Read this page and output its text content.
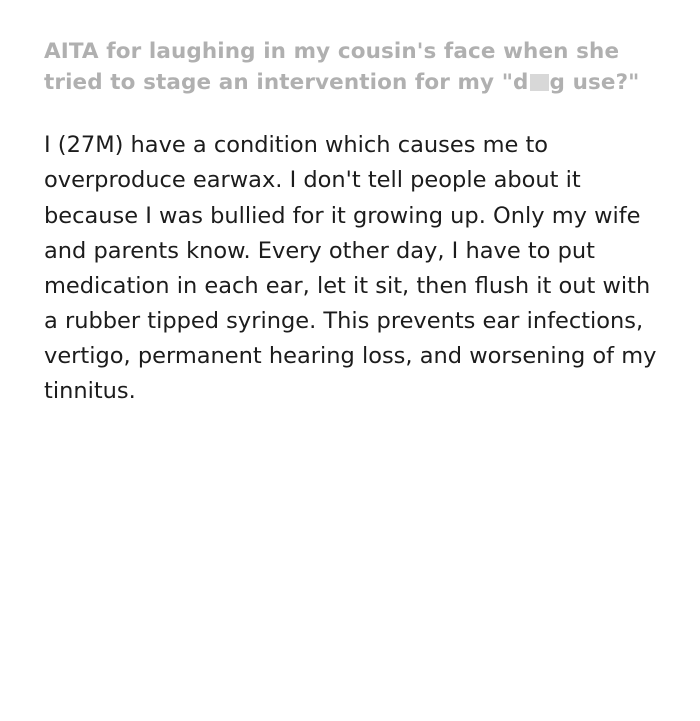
AITA for laughing in my cousin's face when she tried to stage an intervention for my "d g use?"

I (27M) have a condition which causes me to overproduce earwax. I don't tell people about it because I was bullied for it growing up. Only my wife and parents know. Every other day, I have to put medication in each ear, let it sit, then flush it out with a rubber tipped syringe. This prevents ear infections, vertigo, permanent hearing loss, and worsening of my tinnitus.
